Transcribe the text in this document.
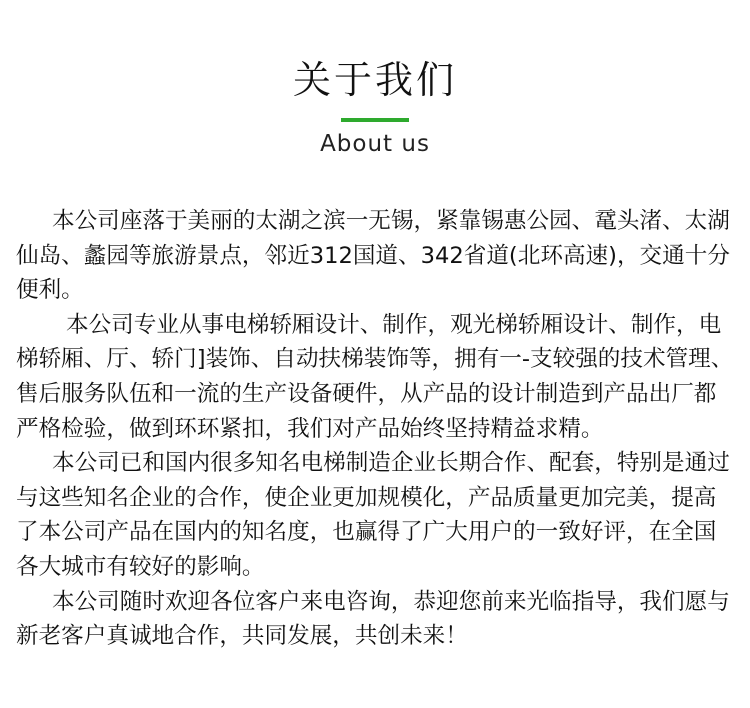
关于我们
About us

本公司座落于美丽的太湖之滨一无锡，紧靠锡惠公园、鼋头渚、太湖仙岛、蠡园等旅游景点，邻近312国道、342省道(北环高速)，交通十分便利。

本公司专业从事电梯轿厢设计、制作，观光梯轿厢设计、制作，电梯轿厢、厅、轿门]装饰、自动扶梯装饰等，拥有一-支较强的技术管理、售后服务队伍和一流的生产设备硬件，从产品的设计制造到产品出厂都严格检验，做到环环紧扣，我们对产品始终坚持精益求精。

本公司已和国内很多知名电梯制造企业长期合作、配套，特别是通过与这些知名企业的合作，使企业更加规模化，产品质量更加完美，提高了本公司产品在国内的知名度，也赢得了广大用户的一致好评，在全国各大城市有较好的影响。

本公司随时欢迎各位客户来电咨询，恭迎您前来光临指导，我们愿与新老客户真诚地合作，共同发展，共创未来！
